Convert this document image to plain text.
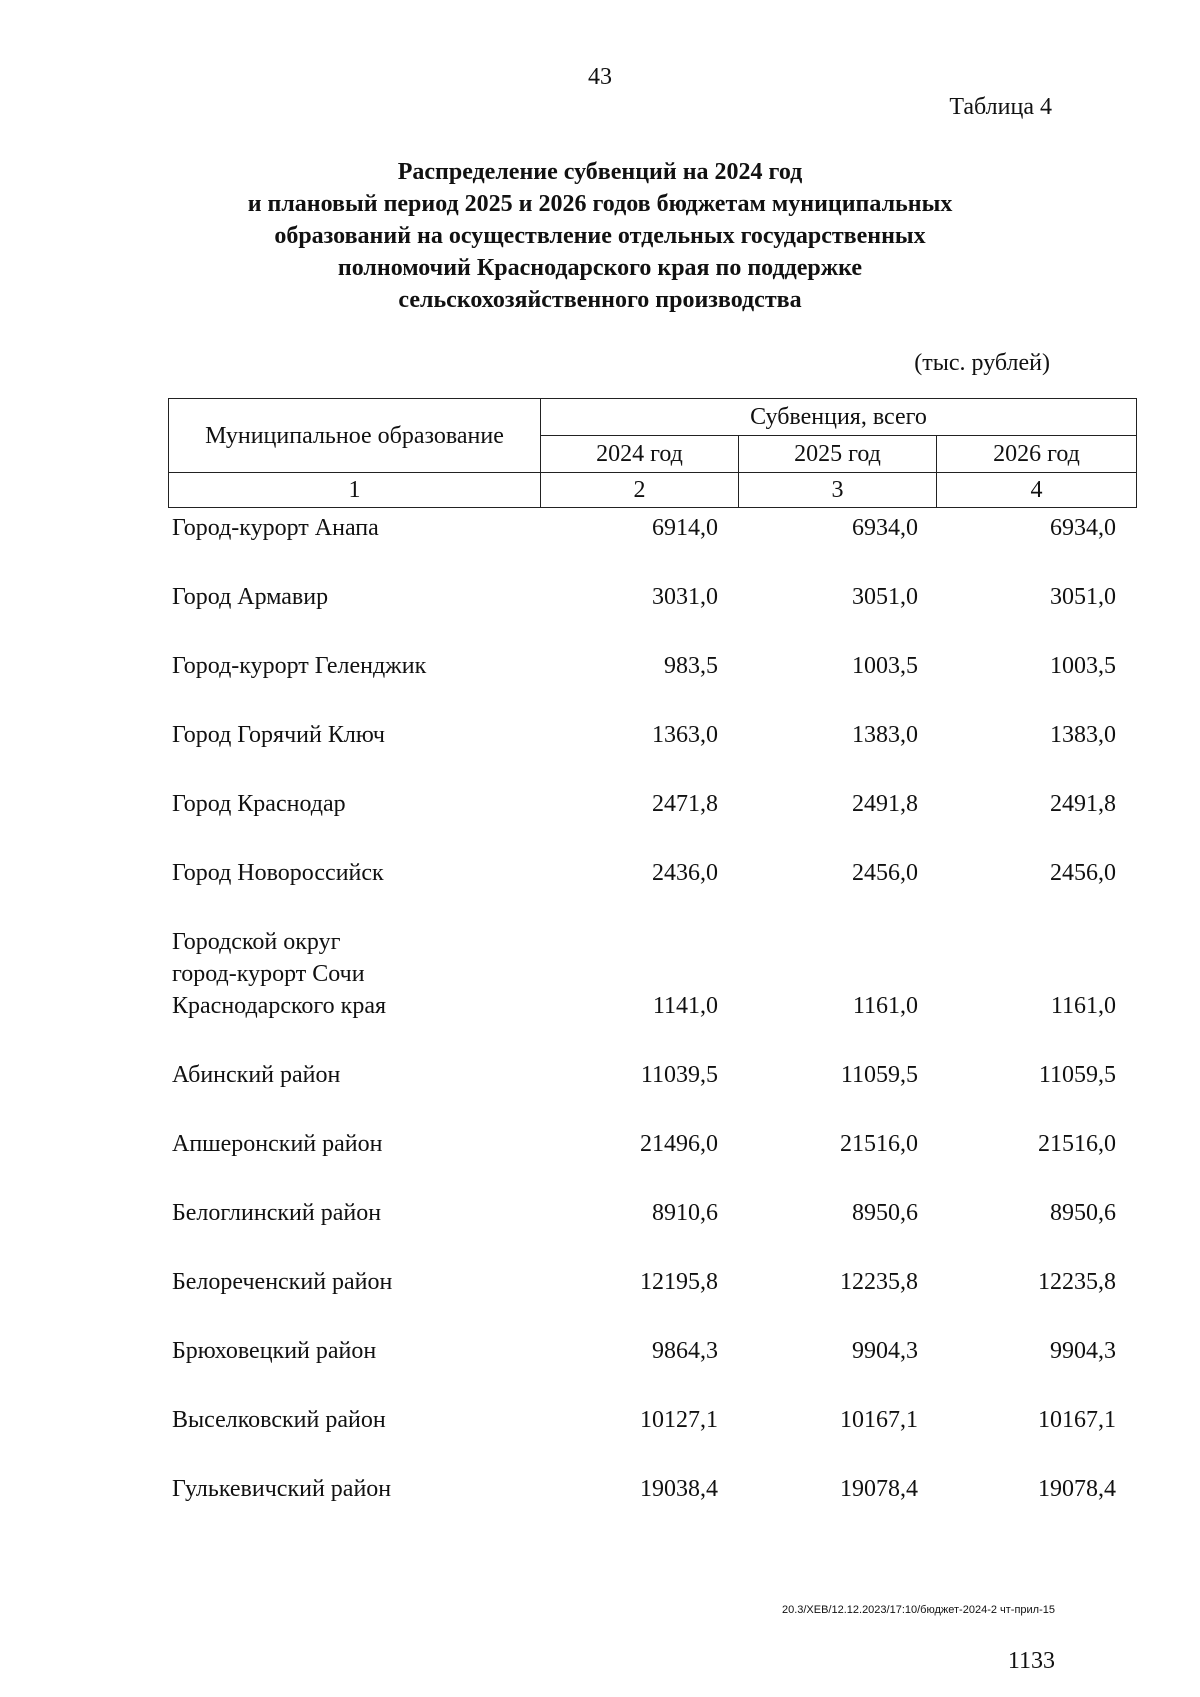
43
Таблица 4
Распределение субвенций на 2024 год
и плановый период 2025 и 2026 годов бюджетам муниципальных
образований на осуществление отдельных государственных
полномочий Краснодарского края по поддержке
сельскохозяйственного производства
(тыс. рублей)
Муниципальное образование	Субвенция, всего		
	2024 год	2025 год	2026 год
1	2	3	4
Город-курорт Анапа	6914,0	6934,0	6934,0
Город Армавир	3031,0	3051,0	3051,0
Город-курорт Геленджик	983,5	1003,5	1003,5
Город Горячий Ключ	1363,0	1383,0	1383,0
Город Краснодар	2471,8	2491,8	2491,8
Город Новороссийск	2436,0	2456,0	2456,0
Городской округ
город-курорт Сочи
Краснодарского края	1141,0	1161,0	1161,0
Абинский район	11039,5	11059,5	11059,5
Апшеронский район	21496,0	21516,0	21516,0
Белоглинский район	8910,6	8950,6	8950,6
Белореченский район	12195,8	12235,8	12235,8
Брюховецкий район	9864,3	9904,3	9904,3
Выселковский район	10127,1	10167,1	10167,1
Гулькевичский район	19038,4	19078,4	19078,4
20.3/ХЕВ/12.12.2023/17:10/бюджет-2024-2 чт-прил-15
1133
